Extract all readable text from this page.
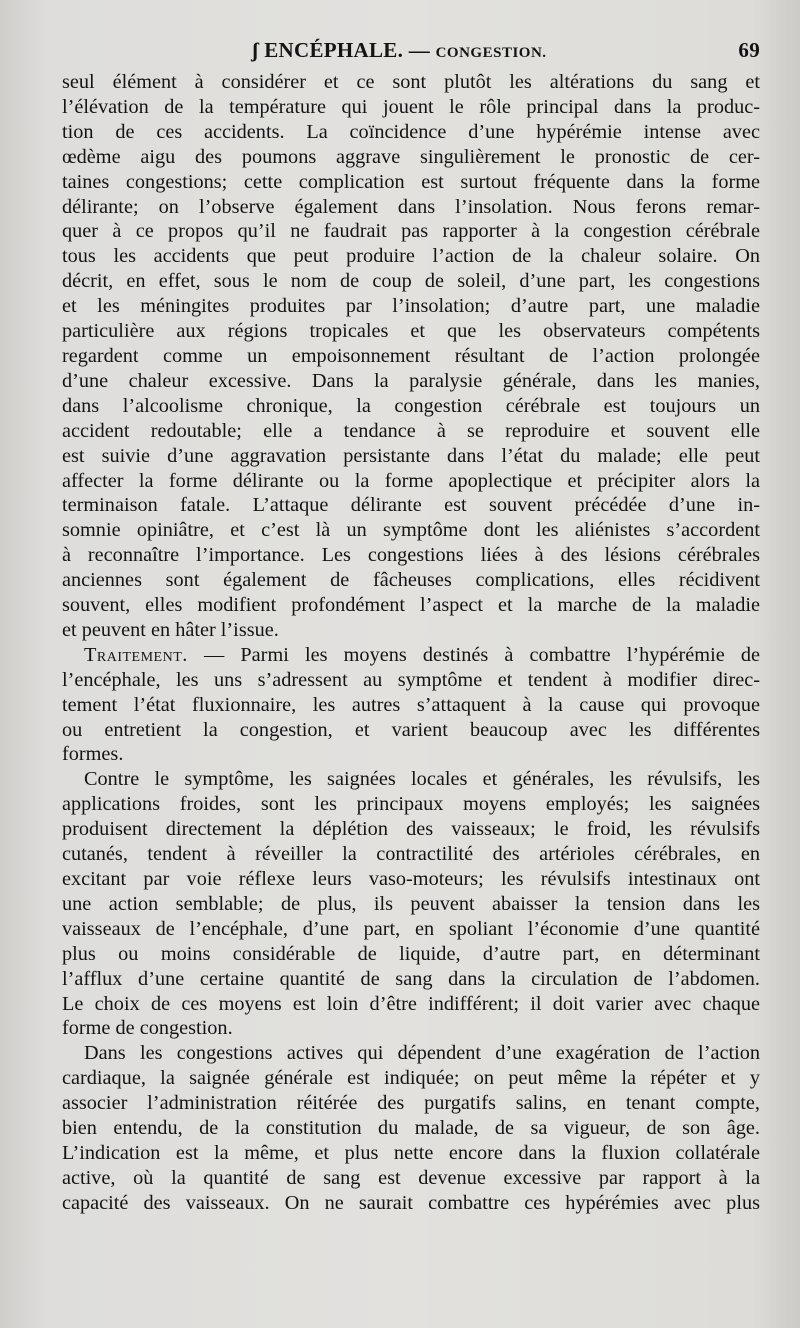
ʃ ENCÉPHALE. — CONGESTION.	69
seul élément à considérer et ce sont plutôt les altérations du sang et
l’élévation de la température qui jouent le rôle principal dans la produc-
tion de ces accidents. La coïncidence d’une hypérémie intense avec
œdème aigu des poumons aggrave singulièrement le pronostic de cer-
taines congestions; cette complication est surtout fréquente dans la forme
délirante; on l’observe également dans l’insolation. Nous ferons remar-
quer à ce propos qu’il ne faudrait pas rapporter à la congestion cérébrale
tous les accidents que peut produire l’action de la chaleur solaire. On
décrit, en effet, sous le nom de coup de soleil, d’une part, les congestions
et les méningites produites par l’insolation; d’autre part, une maladie
particulière aux régions tropicales et que les observateurs compétents
regardent comme un empoisonnement résultant de l’action prolongée
d’une chaleur excessive. Dans la paralysie générale, dans les manies,
dans l’alcoolisme chronique, la congestion cérébrale est toujours un
accident redoutable; elle a tendance à se reproduire et souvent elle
est suivie d’une aggravation persistante dans l’état du malade; elle peut
affecter la forme délirante ou la forme apoplectique et précipiter alors la
terminaison fatale. L’attaque délirante est souvent précédée d’une in-
somnie opiniâtre, et c’est là un symptôme dont les aliénistes s’accordent
à reconnaître l’importance. Les congestions liées à des lésions cérébrales
anciennes sont également de fâcheuses complications, elles récidivent
souvent, elles modifient profondément l’aspect et la marche de la maladie
et peuvent en hâter l’issue.
Traitement. — Parmi les moyens destinés à combattre l’hypérémie de
l’encéphale, les uns s’adressent au symptôme et tendent à modifier direc-
tement l’état fluxionnaire, les autres s’attaquent à la cause qui provoque
ou entretient la congestion, et varient beaucoup avec les différentes
formes.
Contre le symptôme, les saignées locales et générales, les révulsifs, les
applications froides, sont les principaux moyens employés; les saignées
produisent directement la déplétion des vaisseaux; le froid, les révulsifs
cutanés, tendent à réveiller la contractilité des artérioles cérébrales, en
excitant par voie réflexe leurs vaso-moteurs; les révulsifs intestinaux ont
une action semblable; de plus, ils peuvent abaisser la tension dans les
vaisseaux de l’encéphale, d’une part, en spoliant l’économie d’une quantité
plus ou moins considérable de liquide, d’autre part, en déterminant
l’afflux d’une certaine quantité de sang dans la circulation de l’abdomen.
Le choix de ces moyens est loin d’être indifférent; il doit varier avec chaque
forme de congestion.
Dans les congestions actives qui dépendent d’une exagération de l’action
cardiaque, la saignée générale est indiquée; on peut même la répéter et y
associer l’administration réitérée des purgatifs salins, en tenant compte,
bien entendu, de la constitution du malade, de sa vigueur, de son âge.
L’indication est la même, et plus nette encore dans la fluxion collatérale
active, où la quantité de sang est devenue excessive par rapport à la
capacité des vaisseaux. On ne saurait combattre ces hypérémies avec plus
